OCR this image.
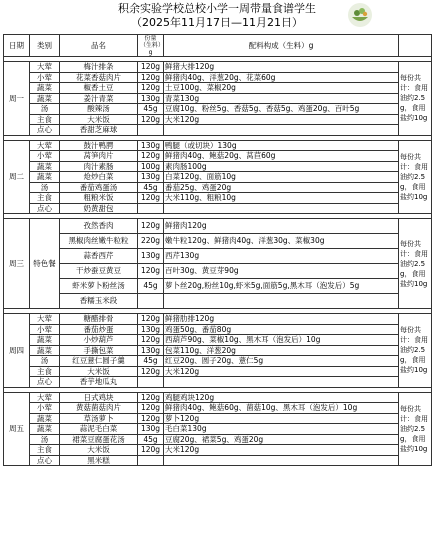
积余实验学校总校小学一周带量食谱学生
（2025年11月17日—11月21日）
日期	类别	品名	份量（生料）g	配料构成（生料）g	

周一	大荤	梅汁排条	120g	鲜猪大排120g	每份共计：食用油约2.5g，食用盐约10g
	小荤	花菜香菇肉片	120g	鲜猪肉40g、洋葱20g、花菜60g	
	蔬菜	椒香土豆	120g	土豆100g、菜椒20g	
	蔬菜	姜汁青菜	130g	青菜130g	
	汤	酸辣汤	45g	豆腐10g、粉丝5g、香菇5g、香菇5g、鸡蛋20g、百叶5g	
	主食	大米饭	120g	大米120g	
	点心	香甜芝麻球			

周二	大荤	鼓汁鸭腭	130g	鸭腿（或切块）130g	每份共计：食用油约2.5g，食用盐约10g
	小荤	莴笋肉片	120g	鲜猪肉40g、鲍菇20g、莴苣60g	
	蔬菜	肉汁素肠	100g	素肉肠100g	
	蔬菜	炝炒白菜	130g	白菜120g、面筋10g	
	汤	番茄鸡蛋汤	45g	番茄25g、鸡蛋20g	
	主食	粗粮米饭	120g	大米110g、粗粮10g	
	点心	奶黄甜包			

周三	特色餐	孜然香肉	120g	鲜猪肉120g	每份共计：食用油约2.5g，食用盐约10g
		黑椒肉丝嫩牛粒粒	220g	嫩牛粒120g、鲜猪肉40g、洋葱30g、菜椒30g	
		蒜香西芹	130g	西芹130g	
		干炒蚕豆黄豆	120g	百叶30g、黄豆芽90g	
		虾米萝卜粉丝汤	45g	萝卜丝20g,粉丝10g,虾米5g,面筋5g,黑木耳（泡发后）5g	
		香糯玉米段			

周四	大荤	糖醋排骨	120g	鲜猪肋排120g	每份共计：食用油约2.5g，食用盐约10g
	小荤	番茄炒蛋	130g	鸡蛋50g、番茄80g	
	蔬菜	小炒葫芦	120g	西葫芦90g、菜椒10g、黑木耳（泡发后）10g	
	蔬菜	手撕包菜	130g	包菜110g、洋葱20g	
	汤	红豆薏仁圆子羹	45g	红豆20g、圆子20g、薏仁5g	
	主食	大米饭	120g	大米120g	
	点心	香芋地瓜丸			

周五	大荤	日式鸡块	120g	鸡腿鸡块120g	每份共计：食用油约2.5g，食用盐约10g
	小荤	黄菇菌菇肉片	120g	鲜猪肉40g、鲍菇60g、菌菇10g、黑木耳（泡发后）10g	
	蔬菜	草汤萝卜	120g	萝卜120g	
	蔬菜	蒜泥毛白菜	130g	毛白菜130g	
	汤	裙菜豆腐蛋花汤	45g	豆腐20g、裙菜5g、鸡蛋20g	
	主食	大米饭	120g	大米120g	
	点心	黑米糕			
